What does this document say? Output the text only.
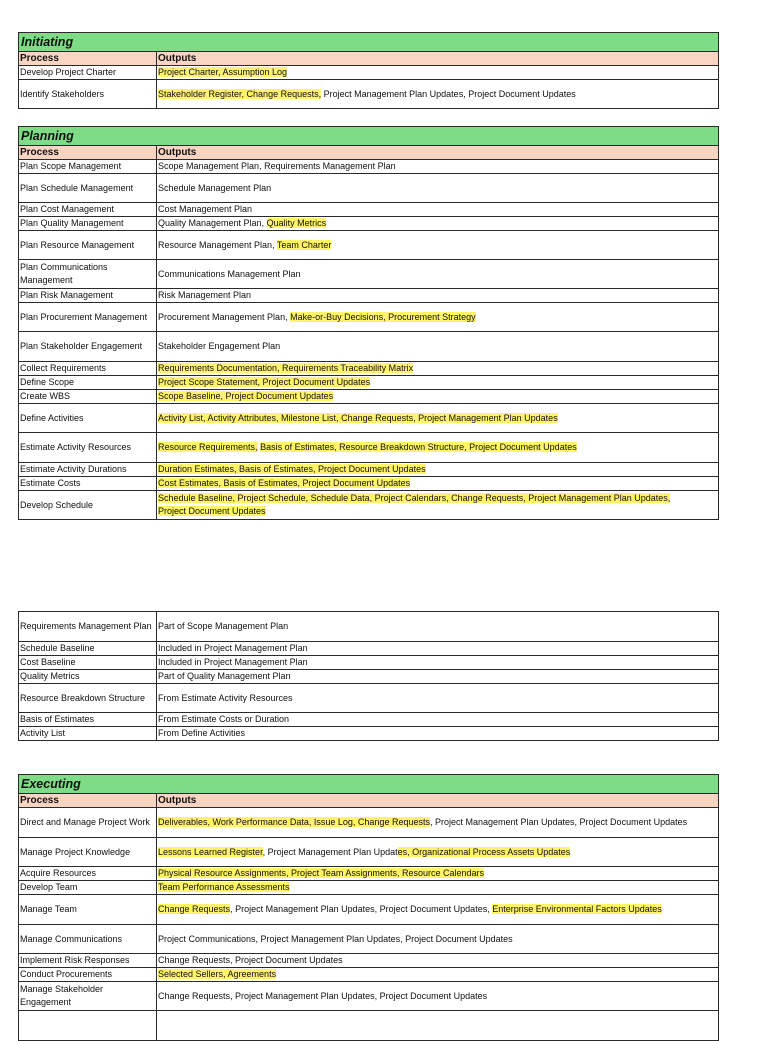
Initiating	
Process	Outputs
Develop Project Charter	Project Charter, Assumption Log
Identify Stakeholders	Stakeholder Register, Change Requests, Project Management Plan Updates, Project Document Updates

Planning	
Process	Outputs
Plan Scope Management	Scope Management Plan, Requirements Management Plan
Plan Schedule Management	Schedule Management Plan
Plan Cost Management	Cost Management Plan
Plan Quality Management	Quality Management Plan, Quality Metrics
Plan Resource Management	Resource Management Plan, Team Charter
Plan Communications Management	Communications Management Plan
Plan Risk Management	Risk Management Plan
Plan Procurement Management	Procurement Management Plan, Make-or-Buy Decisions, Procurement Strategy
Plan Stakeholder Engagement	Stakeholder Engagement Plan
Collect Requirements	Requirements Documentation, Requirements Traceability Matrix
Define Scope	Project Scope Statement, Project Document Updates
Create WBS	Scope Baseline, Project Document Updates
Define Activities	Activity List, Activity Attributes, Milestone List, Change Requests, Project Management Plan Updates
Estimate Activity Resources	Resource Requirements, Basis of Estimates, Resource Breakdown Structure, Project Document Updates
Estimate Activity Durations	Duration Estimates, Basis of Estimates, Project Document Updates
Estimate Costs	Cost Estimates, Basis of Estimates, Project Document Updates
Develop Schedule	Schedule Baseline, Project Schedule, Schedule Data, Project Calendars, Change Requests, Project Management Plan Updates,
Project Document Updates
Requirements Management Plan	Part of Scope Management Plan
Schedule Baseline	Included in Project Management Plan
Cost Baseline	Included in Project Management Plan
Quality Metrics	Part of Quality Management Plan
Resource Breakdown Structure	From Estimate Activity Resources
Basis of Estimates	From Estimate Costs or Duration
Activity List	From Define Activities
Executing	
Process	Outputs
Direct and Manage Project Work	Deliverables, Work Performance Data, Issue Log, Change Requests, Project Management Plan Updates, Project Document Updates
Manage Project Knowledge	Lessons Learned Register, Project Management Plan Updates, Organizational Process Assets Updates
Acquire Resources	Physical Resource Assignments, Project Team Assignments, Resource Calendars
Develop Team	Team Performance Assessments
Manage Team	Change Requests, Project Management Plan Updates, Project Document Updates, Enterprise Environmental Factors Updates
Manage Communications	Project Communications, Project Management Plan Updates, Project Document Updates
Implement Risk Responses	Change Requests, Project Document Updates
Conduct Procurements	Selected Sellers, Agreements
Manage Stakeholder Engagement	Change Requests, Project Management Plan Updates, Project Document Updates
